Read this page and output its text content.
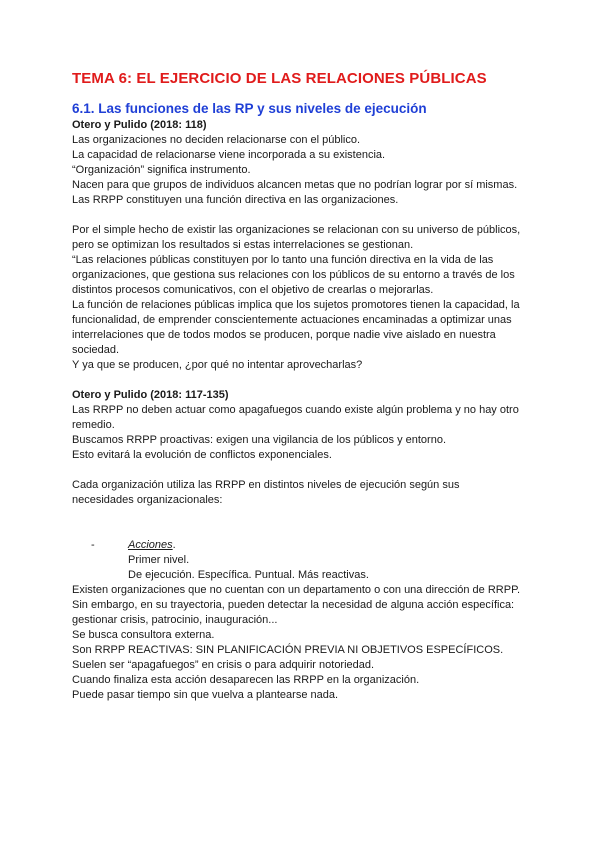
TEMA 6: EL EJERCICIO DE LAS RELACIONES PÚBLICAS
6.1. Las funciones de las RP y sus niveles de ejecución

Otero y Pulido (2018: 118)

Las organizaciones no deciden relacionarse con el público.

La capacidad de relacionarse viene incorporada a su existencia.

“Organización” significa instrumento.

Nacen para que grupos de individuos alcancen metas que no podrían lograr por sí mismas.

Las RRPP constituyen una función directiva en las organizaciones.

Por el simple hecho de existir las organizaciones se relacionan con su universo de públicos,

pero se optimizan los resultados si estas interrelaciones se gestionan.

“Las relaciones públicas constituyen por lo tanto una función directiva en la vida de las

organizaciones, que gestiona sus relaciones con los públicos de su entorno a través de los

distintos procesos comunicativos, con el objetivo de crearlas o mejorarlas.

La función de relaciones públicas implica que los sujetos promotores tienen la capacidad, la

funcionalidad, de emprender conscientemente actuaciones encaminadas a optimizar unas

interrelaciones que de todos modos se producen, porque nadie vive aislado en nuestra

sociedad.

Y ya que se producen, ¿por qué no intentar aprovecharlas?

Otero y Pulido (2018: 117-135)

Las RRPP no deben actuar como apagafuegos cuando existe algún problema y no hay otro

remedio.

Buscamos RRPP proactivas: exigen una vigilancia de los públicos y entorno.

Esto evitará la evolución de conflictos exponenciales.

Cada organización utiliza las RRPP en distintos niveles de ejecución según sus

necesidades organizacionales:

-	Acciones.

Primer nivel.

De ejecución. Específica. Puntual. Más reactivas.

Existen organizaciones que no cuentan con un departamento o con una dirección de RRPP.

Sin embargo, en su trayectoria, pueden detectar la necesidad de alguna acción específica:

gestionar crisis, patrocinio, inauguración...

Se busca consultora externa.

Son RRPP REACTIVAS: SIN PLANIFICACIÓN PREVIA NI OBJETIVOS ESPECÍFICOS.

Suelen ser “apagafuegos” en crisis o para adquirir notoriedad.

Cuando finaliza esta acción desaparecen las RRPP en la organización.

Puede pasar tiempo sin que vuelva a plantearse nada.
